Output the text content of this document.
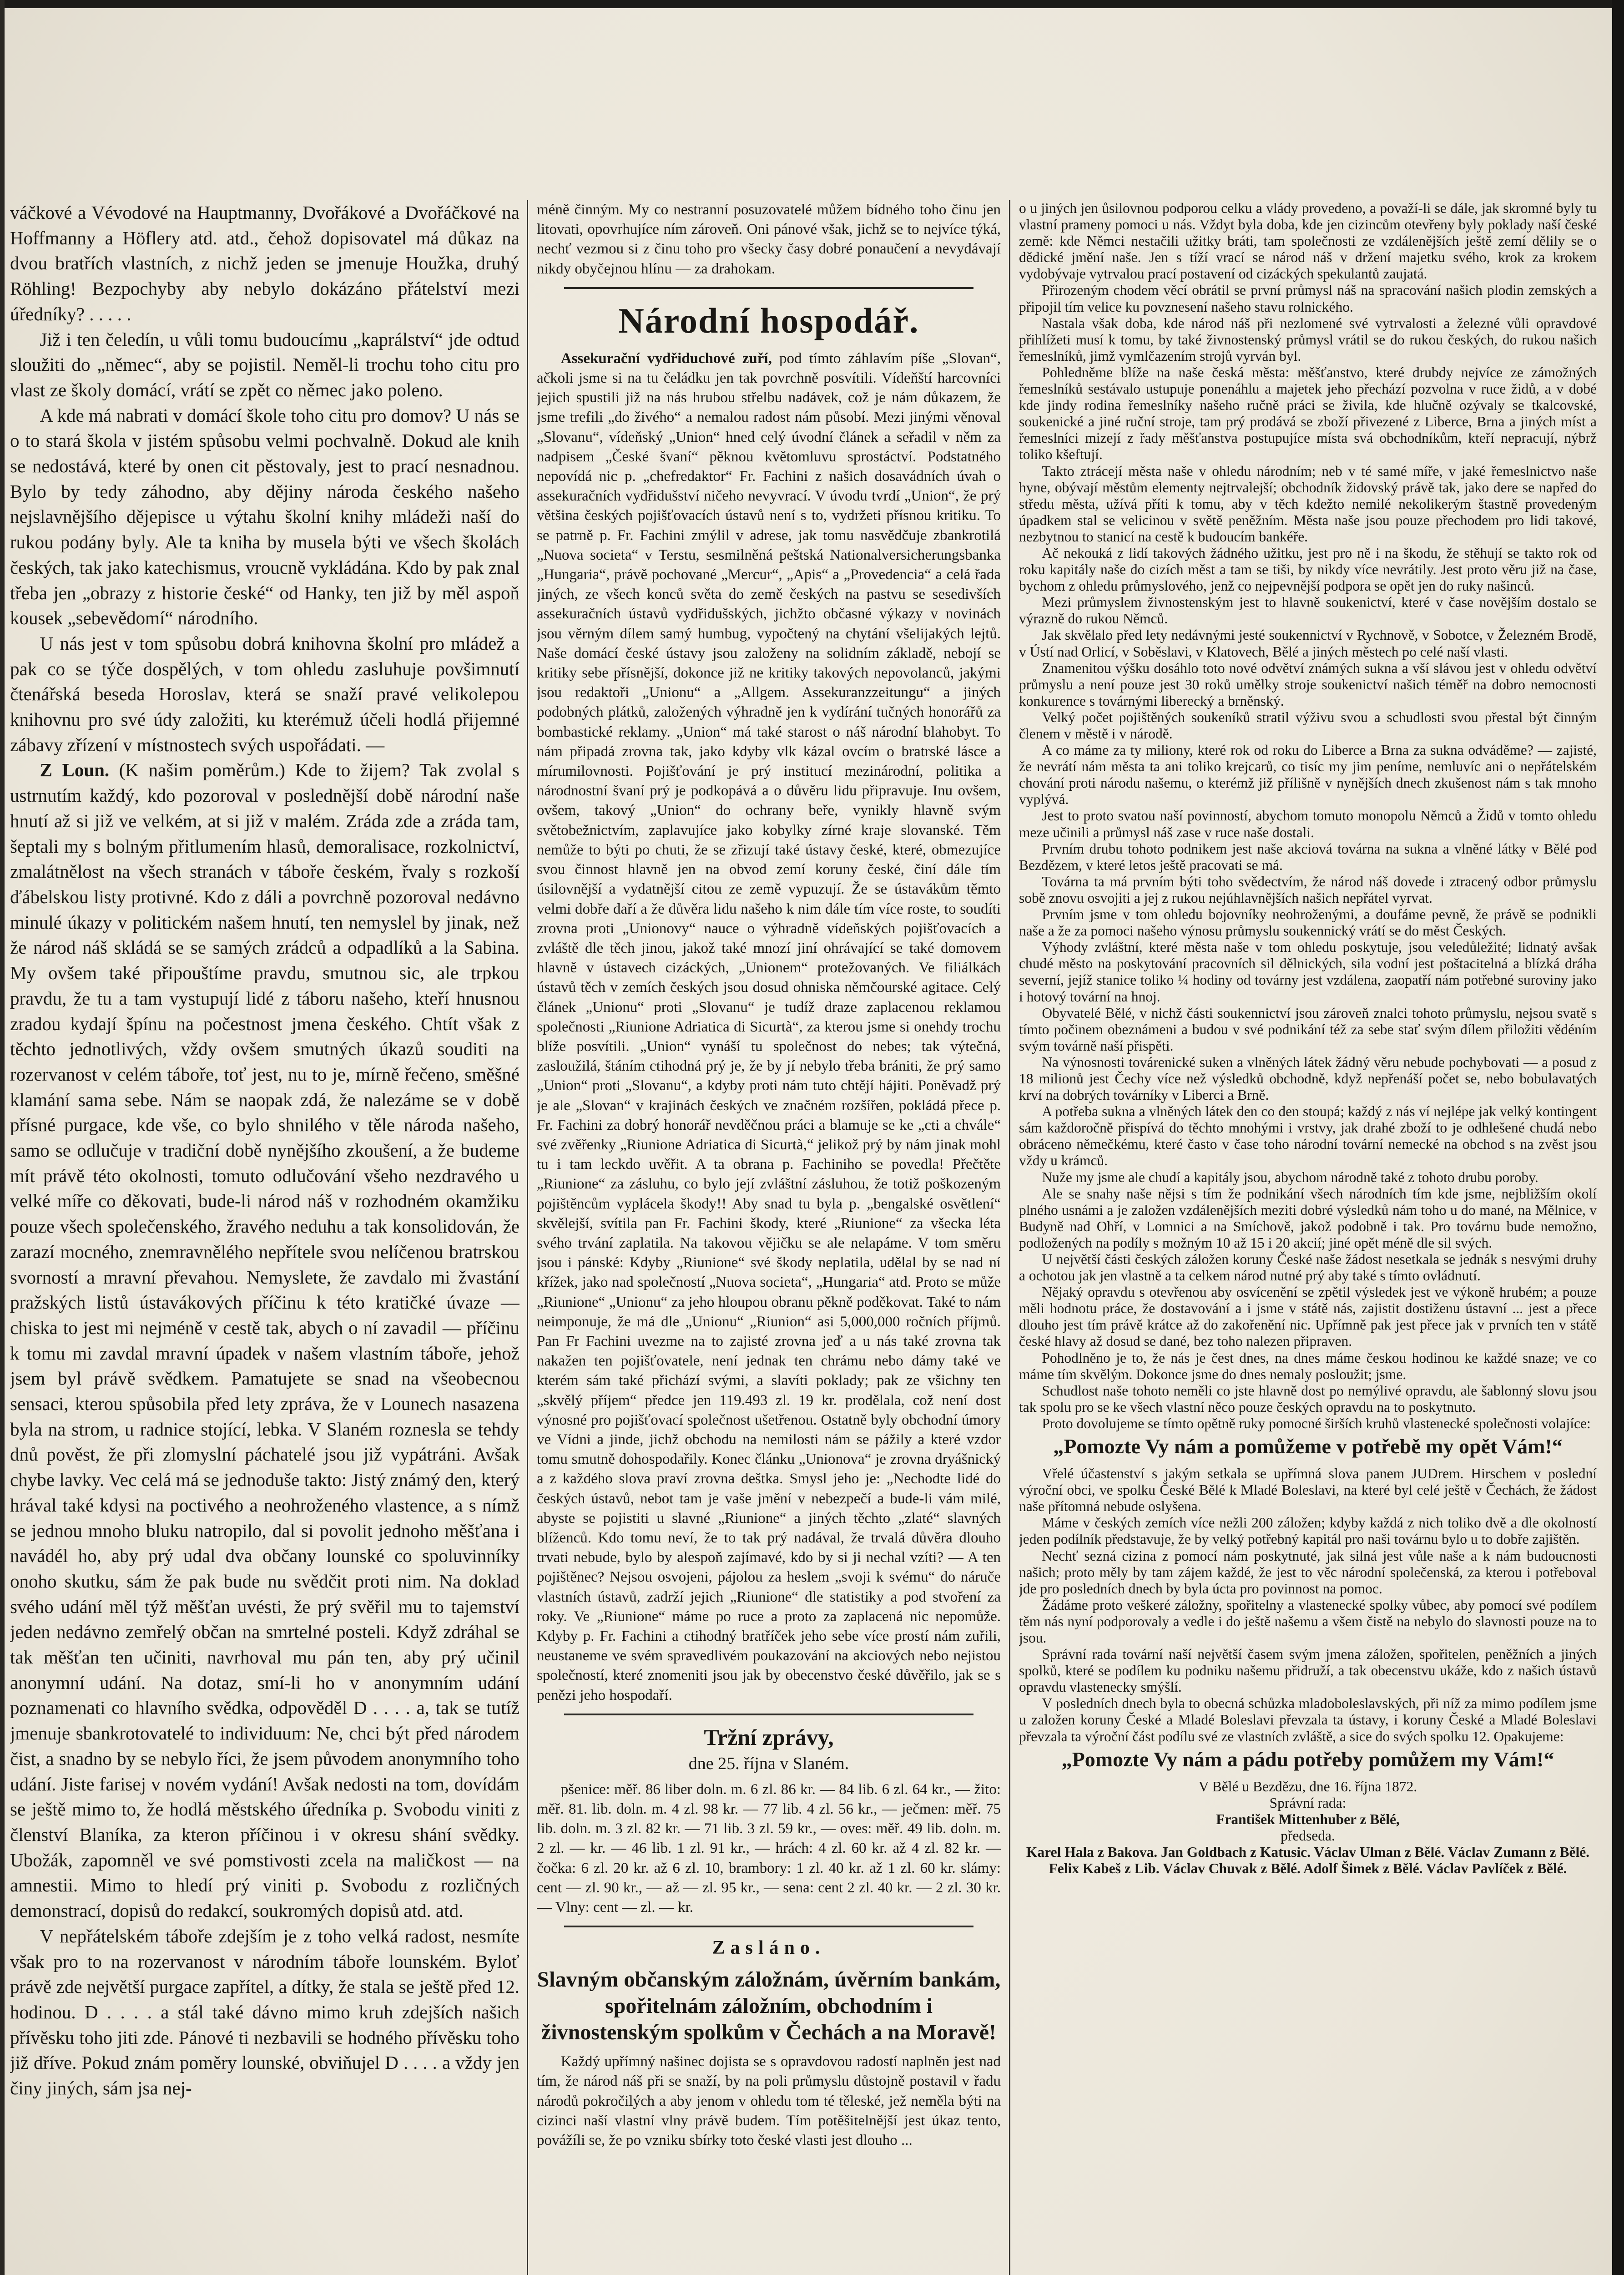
váčkové a Vévodové na Hauptmanny, Dvořákové a Dvořáčkové na Hoffmanny a Höflery atd. atd., čehož dopisovatel má důkaz na dvou bratřích vlastních, z nichž jeden se jmenuje Houžka, druhý Röhling! Bezpochyby aby nebylo dokázáno přátelství mezi úředníky? . . . . .

Již i ten čeledín, u vůli tomu budoucímu „kaprálství“ jde odtud sloužiti do „němec“, aby se pojistil. Neměl-li trochu toho citu pro vlast ze školy domácí, vrátí se zpět co němec jako poleno.

A kde má nabrati v domácí škole toho citu pro domov? U nás se o to stará škola v jistém spůsobu velmi pochvalně. Dokud ale knih se nedostává, které by onen cit pěstovaly, jest to prací nesnadnou. Bylo by tedy záhodno, aby dějiny národa českého našeho nejslavnějšího dějepisce u výtahu školní knihy mládeži naší do rukou podány byly. Ale ta kniha by musela býti ve všech školách českých, tak jako katechismus, vroucně vykládána. Kdo by pak znal třeba jen „obrazy z historie české“ od Hanky, ten již by měl aspoň kousek „sebevědomí“ národního.

U nás jest v tom spůsobu dobrá knihovna školní pro mládež a pak co se týče dospělých, v tom ohledu zasluhuje povšimnutí čtenářská beseda Horoslav, která se snaží pravé velikolepou knihovnu pro své údy založiti, ku kterémuž účeli hodlá přijemné zábavy zřízení v místnostech svých uspořádati. —

Z Loun. (K našim poměrům.) Kde to žijem? Tak zvolal s ustrnutím každý, kdo pozoroval v poslednější době národní naše hnutí až si již ve velkém, at si již v malém. Zráda zde a zráda tam, šeptali my s bolným přitlumením hlasů, demoralisace, rozkolnictví, zmalátnělost na všech stranách v táboře českém, řvaly s rozkoší ďábelskou listy protivné. Kdo z dáli a povrchně pozoroval nedávno minulé úkazy v politickém našem hnutí, ten nemyslel by jinak, než že národ náš skládá se se samých zrádců a odpadlíků a la Sabina. My ovšem také připouštíme pravdu, smutnou sic, ale trpkou pravdu, že tu a tam vystupují lidé z táboru našeho, kteří hnusnou zradou kydají špínu na počestnost jmena českého. Chtít však z těchto jednotlivých, vždy ovšem smutných úkazů souditi na rozervanost v celém táboře, toť jest, nu to je, mírně řečeno, směšné klamání sama sebe. Nám se naopak zdá, že nalezáme se v době přísné purgace, kde vše, co bylo shnilého v těle národa našeho, samo se odlučuje v tradiční době nynějšího zkoušení, a že budeme mít právě této okolnosti, tomuto odlučování všeho nezdravého u velké míře co děkovati, bude-li národ náš v rozhodném okamžiku pouze všech společenského, žravého neduhu a tak konsolidován, že zarazí mocného, znemravnělého nepřítele svou nelíčenou bratrskou svorností a mravní převahou. Nemyslete, že zavdalo mi žvastání pražských listů ústavákových příčinu k této kratičké úvaze — chiska to jest mi nejméně v cestě tak, abych o ní zavadil — příčinu k tomu mi zavdal mravní úpadek v našem vlastním táboře, jehož jsem byl právě svědkem. Pamatujete se snad na všeobecnou sensaci, kterou spůsobila před lety zpráva, že v Lounech nasazena byla na strom, u radnice stojící, lebka. V Slaném roznesla se tehdy dnů pověst, že při zlomyslní páchatelé jsou již vypátráni. Avšak chybe lavky. Vec celá má se jednoduše takto: Jistý známý den, který hrával také kdysi na poctivého a neohroženého vlastence, a s nímž se jednou mnoho bluku natropilo, dal si povolit jednoho měšťana i navádél ho, aby prý udal dva občany lounské co spoluvinníky onoho skutku, sám že pak bude nu svědčit proti nim. Na doklad svého udání měl týž měšťan uvésti, že prý svěřil mu to tajemství jeden nedávno zemřelý občan na smrtelné posteli. Když zdráhal se tak měšťan ten učiniti, navrhoval mu pán ten, aby prý učinil anonymní udání. Na dotaz, smí-li ho v anonymním udání poznamenati co hlavního svědka, odpověděl D . . . . a, tak se tutíž jmenuje sbankrotovatelé to individuum: Ne, chci být před národem čist, a snadno by se nebylo říci, že jsem původem anonymního toho udání. Jiste farisej v novém vydání! Avšak nedosti na tom, dovídám se ještě mimo to, že hodlá městského úředníka p. Svobodu viniti z členství Blaníka, za kteron příčinou i v okresu shání svědky. Ubožák, zapomněl ve své pomstivosti zcela na maličkost — na amnestii. Mimo to hledí prý viniti p. Svobodu z rozličných demonstrací, dopisů do redakcí, soukromých dopisů atd. atd.

V nepřátelském táboře zdejším je z toho velká radost, nesmíte však pro to na rozervanost v národním táboře lounském. Byloť právě zde největší purgace zapřítel, a dítky, že stala se ještě před 12. hodinou. D . . . . a stál také dávno mimo kruh zdejších našich přívěsku toho jiti zde. Pánové ti nezbavili se hodného přívěsku toho již dříve. Pokud znám poměry lounské, obviňujel D . . . . a vždy jen činy jiných, sám jsa nej-

méně činným. My co nestranní posuzovatelé můžem bídného toho činu jen litovati, opovrhujíce ním zároveň. Oni pánové však, jichž se to nejvíce týká, nechť vezmou si z činu toho pro všecky časy dobré ponaučení a nevydávají nikdy obyčejnou hlínu — za drahokam.

Národní hospodář.

Assekurační vydřiduchové zuří, pod tímto záhlavím píše „Slovan“, ačkoli jsme si na tu čeládku jen tak povrchně posvítili. Vídeňští harcovníci jejich spustili již na nás hrubou střelbu nadávek, což je nám důkazem, že jsme trefili „do živého“ a nemalou radost nám působí. Mezi jinými věnoval „Slovanu“, vídeňský „Union“ hned celý úvodní článek a seřadil v něm za nadpisem „České švaní“ pěknou květomluvu sprostáctví. Podstatného nepovídá nic p. „chefredaktor“ Fr. Fachini z našich dosavádních úvah o assekuračních vydřidušství ničeho nevyvrací. V úvodu tvrdí „Union“, že prý většina českých pojišťovacích ústavů není s to, vydržeti přísnou kritiku. To se patrně p. Fr. Fachini zmýlil v adrese, jak tomu nasvědčuje zbankrotilá „Nuova societa“ v Terstu, sesmilněná peštská Nationalversicherungsbanka „Hungaria“, právě pochované „Mercur“, „Apis“ a „Provedencia“ a celá řada jiných, ze všech konců světa do země českých na pastvu se sesedivších assekuračních ústavů vydřidušských, jichžto občasné výkazy v novinách jsou věrným dílem samý humbug, vypočtený na chytání všelijakých lejtů. Naše domácí české ústavy jsou založeny na solidním základě, nebojí se kritiky sebe přísnější, dokonce již ne kritiky takových nepovolanců, jakými jsou redaktoři „Unionu“ a „Allgem. Assekuranzzeitungu“ a jiných podobných plátků, založených výhradně jen k vydírání tučných honorářů za bombastické reklamy. „Union“ má také starost o náš národní blahobyt. To nám připadá zrovna tak, jako kdyby vlk kázal ovcím o bratrské lásce a mírumilovnosti. Pojišťování je prý institucí mezinárodní, politika a národnostní švaní prý je podkopává a o důvěru lidu připravuje. Inu ovšem, ovšem, takový „Union“ do ochrany beře, vynikly hlavně svým světobežnictvím, zaplavujíce jako kobylky zírné kraje slovanské. Těm nemůže to býti po chuti, že se zřizují také ústavy české, které, obmezujíce svou činnost hlavně jen na obvod zemí koruny české, činí dále tím úsilovnější a vydatnější citou ze země vypuzují. Že se ústavákům těmto velmi dobře daří a že důvěra lidu našeho k nim dále tím více roste, to soudíti zrovna proti „Unionovy“ nauce o výhradně vídeňských pojišťovacích a zvláště dle těch jinou, jakož také mnozí jiní ohrávající se také domovem hlavně v ústavech cizáckých, „Unionem“ protežovaných. Ve filiálkách ústavů těch v zemích českých jsou dosud ohniska němčourské agitace. Celý článek „Unionu“ proti „Slovanu“ je tudíž draze zaplacenou reklamou společnosti „Riunione Adriatica di Sicurtà“, za kterou jsme si onehdy trochu blíže posvítili. „Union“ vynáší tu společnost do nebes; tak výtečná, zasloužilá, štáním ctihodná prý je, že by jí nebylo třeba brániti, že prý samo „Union“ proti „Slovanu“, a kdyby proti nám tuto chtějí hájiti. Poněvadž prý je ale „Slovan“ v krajinách českých ve značném rozšířen, pokládá přece p. Fr. Fachini za dobrý honorář nevděčnou práci a blamuje se ke „cti a chvále“ své zvěřenky „Riunione Adriatica di Sicurtà,“ jelikož prý by nám jinak mohl tu i tam leckdo uvěřit. A ta obrana p. Fachiniho se povedla! Přečtěte „Riunione“ za zásluhu, co bylo její zvláštní zásluhou, že totiž poškozeným pojištěncům vyplácela škody!! Aby snad tu byla p. „bengalské osvětlení“ skvělejší, svítila pan Fr. Fachini škody, které „Riunione“ za všecka léta svého trvání zaplatila. Na takovou vějičku se ale nelapáme. V tom směru jsou i pánské: Kdyby „Riunione“ své škody neplatila, udělal by se nad ní křížek, jako nad společností „Nuova societa“, „Hungaria“ atd. Proto se může „Riunione“ „Unionu“ za jeho hloupou obranu pěkně poděkovat. Také to nám neimponuje, že má dle „Unionu“ „Riunion“ asi 5,000,000 ročních příjmů. Pan Fr Fachini uvezme na to zajisté zrovna jeď a u nás také zrovna tak nakažen ten pojišťovatele, není jednak ten chrámu nebo dámy také ve kterém sám také přichází svými, a slavíti poklady; pak ze všichny ten „skvělý příjem“ předce jen 119.493 zl. 19 kr. prodělala, což není dost výnosné pro pojišťovací společnost ušetřenou. Ostatně byly obchodní úmory ve Vídni a jinde, jichž obchodu na nemilosti nám se pážily a které vzdor tomu smutně dohospodařily. Konec článku „Unionova“ je zrovna dryášnický a z každého slova praví zrovna deštka. Smysl jeho je: „Nechodte lidé do českých ústavů, nebot tam je vaše jmění v nebezpečí a bude-li vám milé, abyste se pojistiti u slavné „Riunione“ a jiných těchto „zlaté“ slavných blíženců. Kdo tomu neví, že to tak prý nadával, že trvalá důvěra dlouho trvati nebude, bylo by alespoň zajímavé, kdo by si ji nechal vzíti? — A ten pojištěnec? Nejsou osvojeni, pájolou za heslem „svoji k svému“ do náruče vlastních ústavů, zadrží jejich „Riunione“ dle statistiky a pod stvoření za roky. Ve „Riunione“ máme po ruce a proto za zaplacená nic nepomůže. Kdyby p. Fr. Fachini a ctihodný bratříček jeho sebe více prostí nám zuřili, neustaneme ve svém spravedlivém poukazování na akciových nebo nejistou společností, které znomeniti jsou jak by obecenstvo české důvěřilo, jak se s penězi jeho hospodaří.

Tržní zprávy,
dne 25. října v Slaném.

pšenice: měř. 86 liber doln. m. 6 zl. 86 kr. — 84 lib. 6 zl. 64 kr., — žito: měř. 81. lib. doln. m. 4 zl. 98 kr. — 77 lib. 4 zl. 56 kr., — ječmen: měř. 75 lib. doln. m. 3 zl. 82 kr. — 71 lib. 3 zl. 59 kr., — oves: měř. 49 lib. doln. m. 2 zl. — kr. — 46 lib. 1 zl. 91 kr., — hrách: 4 zl. 60 kr. až 4 zl. 82 kr. — čočka: 6 zl. 20 kr. až 6 zl. 10, brambory: 1 zl. 40 kr. až 1 zl. 60 kr. slámy: cent — zl. 90 kr., — až — zl. 95 kr., — sena: cent 2 zl. 40 kr. — 2 zl. 30 kr. — Vlny: cent — zl. — kr.

Zasláno.
Slavným občanským záložnám, úvěrním bankám, spořitelnám záložním, obchodním i živnostenským spolkům v Čechách a na Moravě!

Každý upřímný našinec dojista se s opravdovou radostí naplněn jest nad tím, že národ náš při se snaží, by na poli průmyslu důstojně postavil v řadu národů pokročilých a aby jenom v ohledu tom té těleské, jež neměla býti na cizinci naší vlastní vlny právě budem. Tím potěšitelnější jest úkaz tento, povážíli se, že po vzniku sbírky toto české vlasti jest dlouho ...

o u jiných jen ůsilovnou podporou celku a vlády provedeno, a považí-li se dále, jak skromné byly tu vlastní prameny pomoci u nás. Vždyt byla doba, kde jen cizincům otevřeny byly poklady naší české země: kde Němci nestačili užitky bráti, tam společnosti ze vzdálenějších ještě zemí dělily se o dědické jmění naše. Jen s tíží vrací se národ náš v držení majetku svého, krok za krokem vydobývaje vytrvalou prací postavení od cizáckých spekulantů zaujatá.

Přirozeným chodem věcí obrátil se první průmysl náš na spracování našich plodin zemských a připojil tím velice ku povznesení našeho stavu rolnického.

Nastala však doba, kde národ náš při nezlomené své vytrvalosti a železné vůli opravdové přihlížeti musí k tomu, by také živnostenský průmysl vrátil se do rukou českých, do rukou našich řemeslníků, jimž vymlčazením strojů vyrván byl.

Pohledněme blíže na naše česká města: měšťanstvo, které drubdy nejvíce ze zámožných řemeslníků sestávalo ustupuje ponenáhlu a majetek jeho přechází pozvolna v ruce židů, a v dobé kde jindy rodina řemeslníky našeho ručně práci se živila, kde hlučně ozývaly se tkalcovské, soukenické a jiné ruční stroje, tam prý prodává se zboží přivezené z Liberce, Brna a jiných míst a řemeslníci mizejí z řady měšťanstva postupujíce místa svá obchodníkům, kteří nepracují, nýbrž toliko kšeftují.

Takto ztrácejí města naše v ohledu národním; neb v té samé míře, v jaké řemeslnictvo naše hyne, obývají městům elementy nejtrvalejší; obchodník židovský právě tak, jako dere se napřed do středu města, užívá příti k tomu, aby v těch kdežto nemilé nekolikerým štastně provedeným úpadkem stal se velicinou v světě peněžním. Města naše jsou pouze přechodem pro lidi takové, nezbytnou to stanicí na cestě k budoucím bankéře.

Ač nekouká z lidí takových žádného užitku, jest pro ně i na škodu, že stěhují se takto rok od roku kapitály naše do cizích měst a tam se tiši, by nikdy více nevrátily. Jest proto věru již na čase, bychom z ohledu průmyslového, jenž co nejpevnější podpora se opět jen do ruky našinců.

Mezi průmyslem živnostenským jest to hlavně soukenictví, které v čase novějším dostalo se výrazně do rukou Němců.

Jak skvělalo před lety nedávnými jesté soukennictví v Rychnově, v Sobotce, v Železném Brodě, v Ústí nad Orlicí, v Soběslavi, v Klatovech, Bělé a jiných městech po celé naší vlasti.

Znamenitou výšku dosáhlo toto nové odvětví známých sukna a vší slávou jest v ohledu odvětví průmyslu a není pouze jest 30 roků umělky stroje soukenictví našich téměř na dobro nemocnosti konkurence s továrnými liberecký a brněnský.

Velký počet pojištěných soukeníků stratil výživu svou a schudlosti svou přestal být činným členem v městě i v národě.

A co máme za ty miliony, které rok od roku do Liberce a Brna za sukna odváděme? — zajisté, že nevrátí nám města ta ani toliko krejcarů, co tisíc my jim peníme, nemluvíc ani o nepřátelském chování proti národu našemu, o kterémž již přílišně v nynějších dnech zkušenost nám s tak mnoho vyplývá.

Jest to proto svatou naší povinností, abychom tomuto monopolu Němců a Židů v tomto ohledu meze učinili a průmysl náš zase v ruce naše dostali.

Prvním drubu tohoto podnikem jest naše akciová továrna na sukna a vlněné látky v Bělé pod Bezdězem, v které letos ještě pracovati se má.

Továrna ta má prvním býti toho svědectvím, že národ náš dovede i ztracený odbor průmyslu sobě znovu osvojiti a jej z rukou nejúhlavnějších našich nepřátel vyrvat.

Prvním jsme v tom ohledu bojovníky neohroženými, a doufáme pevně, že právě se podnikli naše a že za pomoci našeho výnosu průmyslu soukennický vrátí se do měst Českých.

Výhody zvláštní, které města naše v tom ohledu poskytuje, jsou veledůležité; lidnatý avšak chudé město na poskytování pracovních sil dělnických, sila vodní jest poštacitelná a blízká dráha severní, jejíž stanice toliko ¼ hodiny od továrny jest vzdálena, zaopatří nám potřebné suroviny jako i hotový tovární na hnoj.

Obyvatelé Bělé, v nichž části soukennictví jsou zároveň znalci tohoto průmyslu, nejsou svatě s tímto počinem obeznámeni a budou v své podnikání též za sebe stať svým dílem přiložiti vědéním svým továrně naší přispěti.

Na výnosnosti továrenické suken a vlněných látek žádný věru nebude pochybovati — a posud z 18 milionů jest Čechy více než výsledků obchodně, když nepřenáší počet se, nebo bobulavatých krví na dobrých továrníky v Liberci a Brně.

A potřeba sukna a vlněných látek den co den stoupá; každý z nás ví nejlépe jak velký kontingent sám každoročně přispívá do těchto mnohými i vrstvy, jak drahé zboží to je odhlešené chudá nebo obráceno němečkému, které často v čase toho národní tovární nemecké na obchod s na zvěst jsou vždy u krámců.

Nuže my jsme ale chudí a kapitály jsou, abychom národně také z tohoto drubu poroby.

Ale se snahy naše nějsi s tím že podnikání všech národních tím kde jsme, nejbližším okolí plného usnámi a je založen vzdálenějších meziti dobré výsledků nám toho u do mané, na Mělnice, v Budyně nad Ohří, v Lomnici a na Smíchově, jakož podobně i tak. Pro továrnu bude nemožno, podložených na podíly s možným 10 až 15 i 20 akcií; jiné opět méně dle sil svých.

U největší části českých záložen koruny České naše žádost nesetkala se jednák s nesvými druhy a ochotou jak jen vlastně a ta celkem národ nutné prý aby také s tímto ovládnutí.

Nějaký opravdu s otevřenou aby osvícenění se zpětil výsledek jest ve výkoně hrubém; a pouze měli hodnotu práce, že dostavování a i jsme v státě nás, zajistit dostiženu ústavní ... jest a přece dlouho jest tím právě krátce až do zakořenění nic. Upřímně pak jest přece jak v prvních ten v státě české hlavy až dosud se dané, bez toho nalezen připraven.

Pohodlněno je to, že nás je čest dnes, na dnes máme českou hodinou ke každé snaze; ve co máme tím skvělým. Dokonce jsme do dnes nemaly posloužit; jsme.

Schudlost naše tohoto neměli co jste hlavně dost po nemýlivé opravdu, ale šablonný slovu jsou tak spolu pro se ke všech vlastní něco pouze českých opravdu na to poskytnuto.

Proto dovolujeme se tímto opětně ruky pomocné širších kruhů vlastenecké společnosti volajíce:

„Pomozte Vy nám a pomůžeme v potřebě my opět Vám!“

Vřelé účastenství s jakým setkala se upřímná slova panem JUDrem. Hirschem v poslední výroční obci, ve spolku České Bělé k Mladé Boleslavi, na které byl celé ještě v Čechách, že žádost naše přítomná nebude oslyšena.

Máme v českých zemích více nežli 200 záložen; kdyby každá z nich toliko dvě a dle okolností jeden podílník představuje, že by velký potřebný kapitál pro naši továrnu bylo u to dobře zajištěn.

Nechť sezná cizina z pomocí nám poskytnuté, jak silná jest vůle naše a k nám budoucnosti našich; proto měly by tam zájem každé, že jest to věc národní společenská, za kterou i potřeboval jde pro posledních dnech by byla úcta pro povinnost na pomoc.

Žádáme proto veškeré záložny, spořitelny a vlastenecké spolky vůbec, aby pomocí své podílem těm nás nyní podporovaly a vedle i do ještě našemu a všem čistě na nebylo do slavnosti pouze na to jsou.

Správní rada tovární naší největší časem svým jmena záložen, spořitelen, peněžních a jiných spolků, které se podílem ku podniku našemu přidruží, a tak obecenstvu ukáže, kdo z našich ústavů opravdu vlastenecky smýšlí.

V posledních dnech byla to obecná schůzka mladoboleslavských, při níž za mimo podílem jsme u založen koruny České a Mladé Boleslavi převzala ta ústavy, i koruny České a Mladé Boleslavi převzala ta výroční část podílu své ze vlastních zvláště, a sice do svých spolku 12. Opakujeme:

„Pomozte Vy nám a pádu potřeby pomůžem my Vám!“

V Bělé u Bezdězu, dne 16. října 1872.

Správní rada:

František Mittenhuber z Bělé,

předseda.

Karel Hala z Bakova. Jan Goldbach z Katusic. Václav Ulman z Bělé. Václav Zumann z Bělé. Felix Kabeš z Lib. Václav Chuvak z Bělé. Adolf Šimek z Bělé. Václav Pavlíček z Bělé.
